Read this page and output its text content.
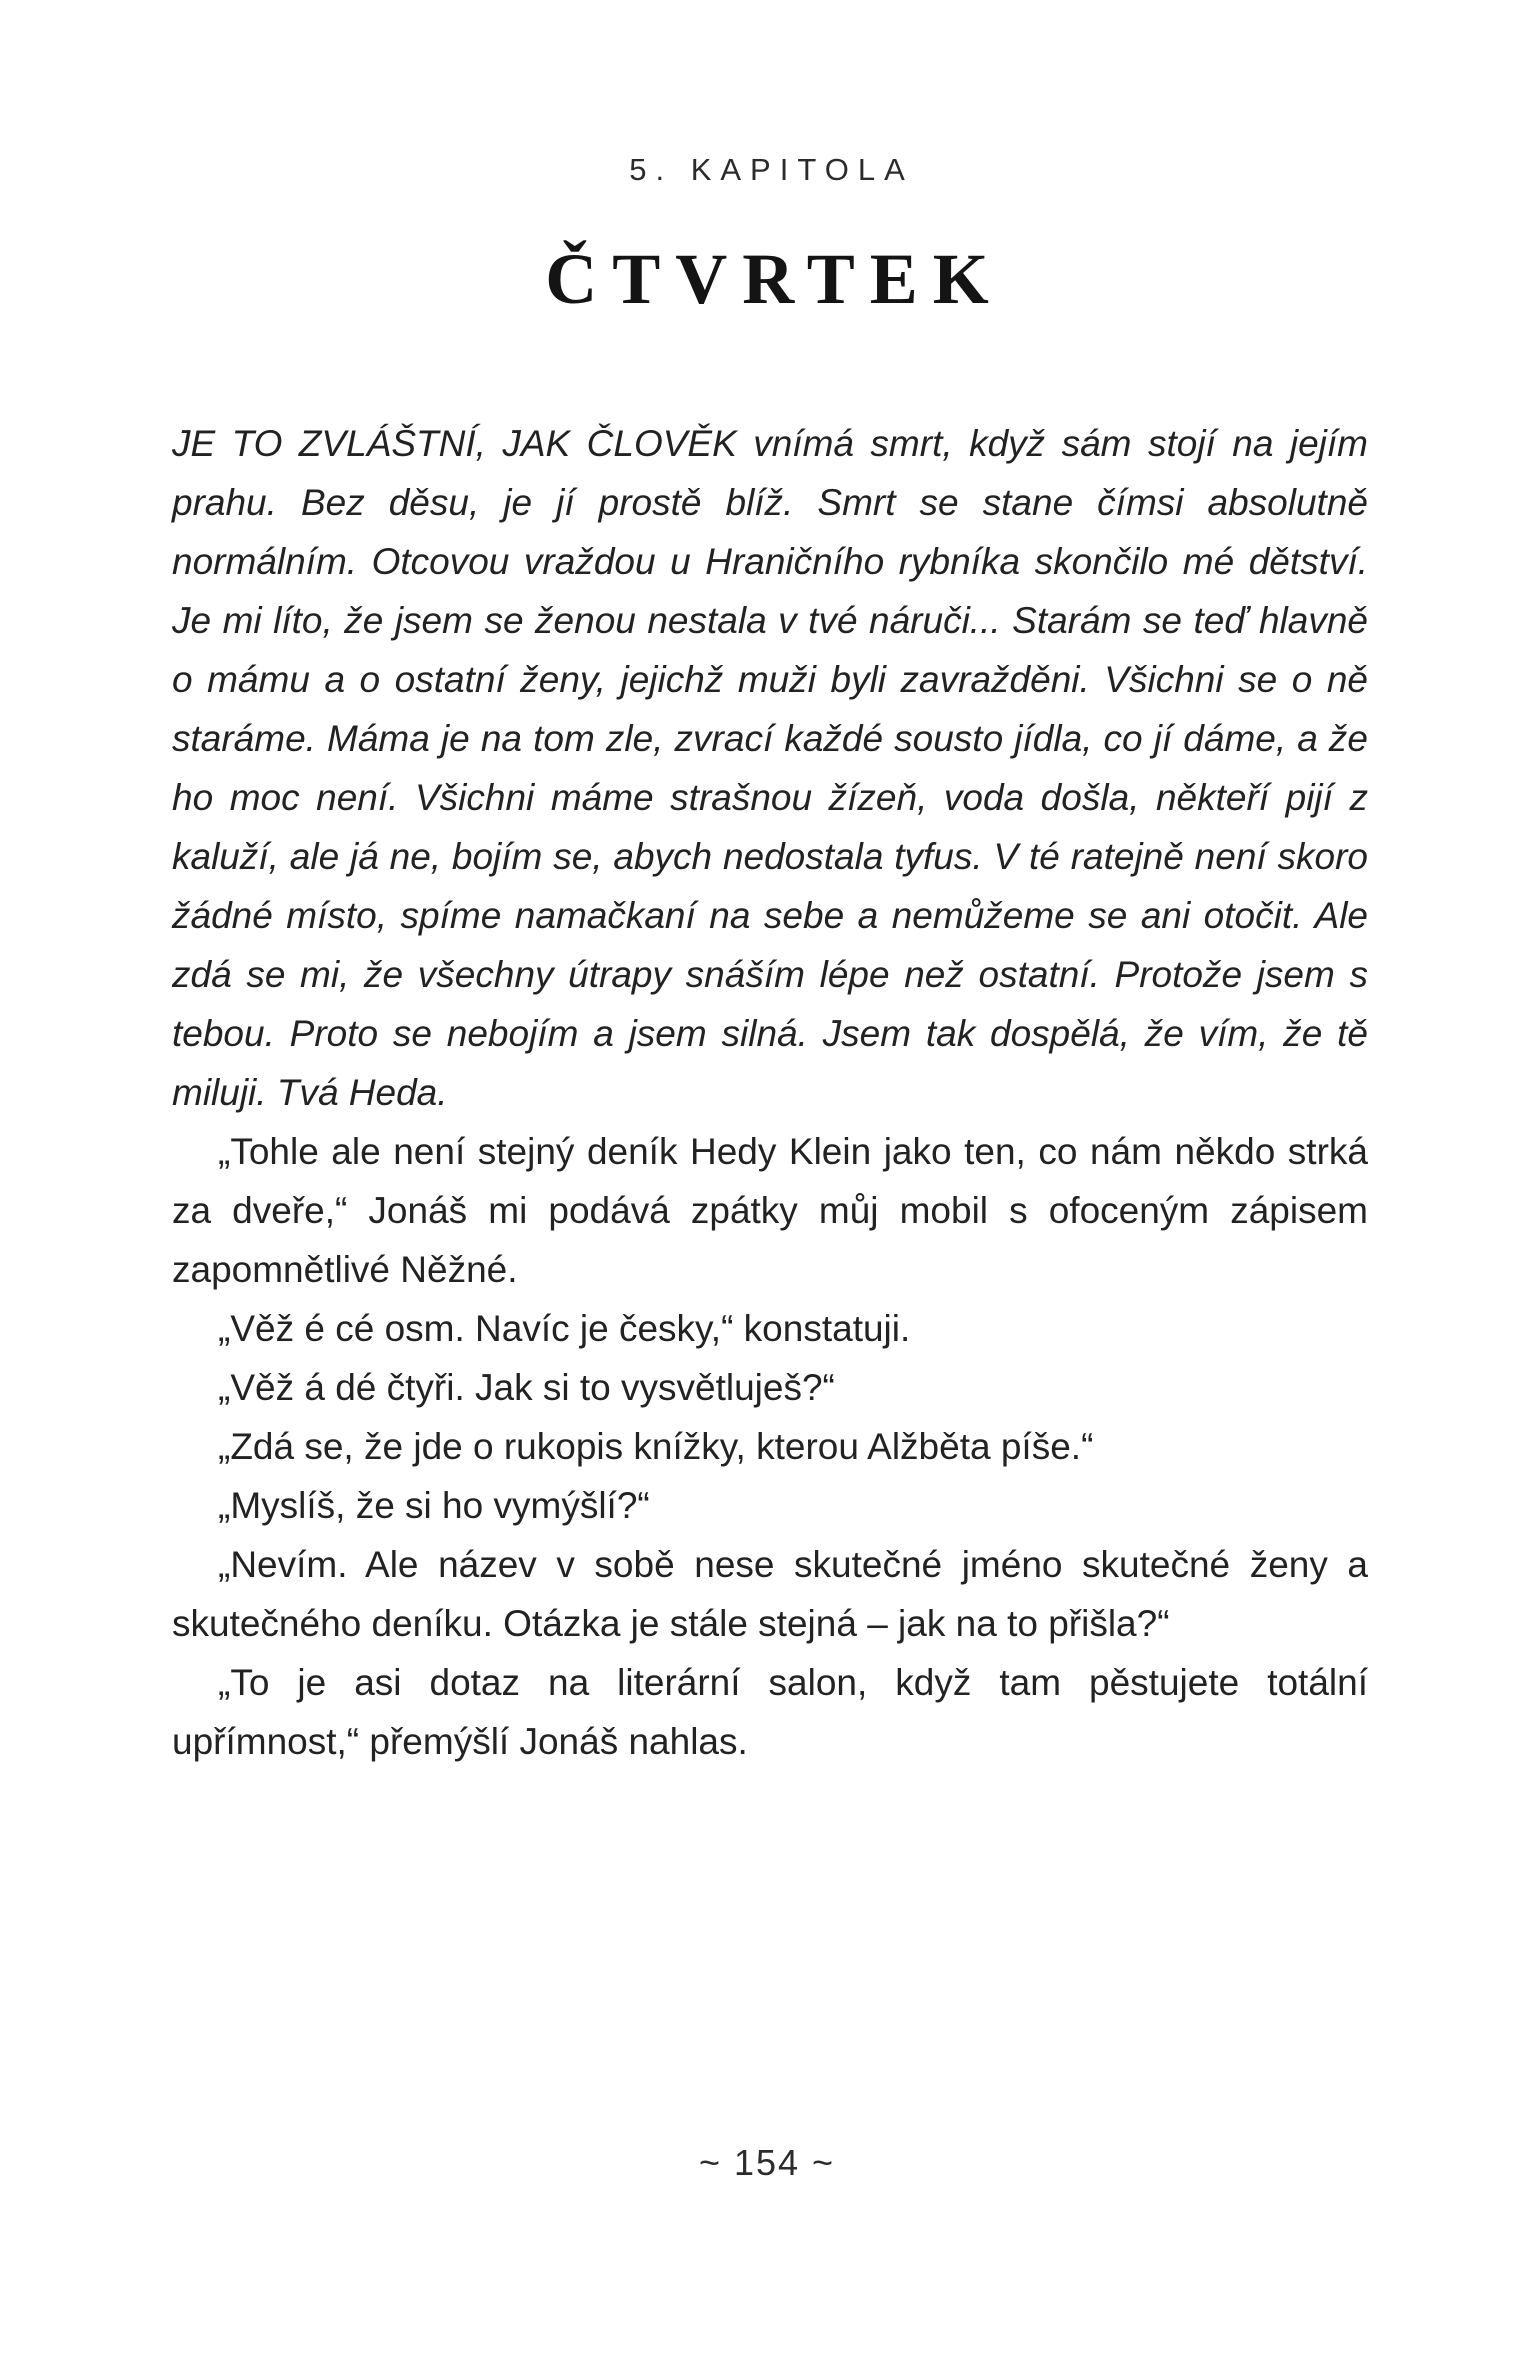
5. KAPITOLA
ČTVRTEK

JE TO ZVLÁŠTNÍ, JAK ČLOVĚK vnímá smrt, když sám stojí na jejím prahu. Bez děsu, je jí prostě blíž. Smrt se stane čímsi absolutně normálním. Otcovou vraždou u Hraničního rybníka skončilo mé dětství. Je mi líto, že jsem se ženou nestala v tvé náruči... Starám se teď hlavně o mámu a o ostatní ženy, jejichž muži byli zavražděni. Všichni se o ně staráme. Máma je na tom zle, zvrací každé sousto jídla, co jí dáme, a že ho moc není. Všichni máme strašnou žízeň, voda došla, někteří pijí z kaluží, ale já ne, bojím se, abych nedostala tyfus. V té ratejně není skoro žádné místo, spíme namačkaní na sebe a nemůžeme se ani otočit. Ale zdá se mi, že všechny útrapy snáším lépe než ostatní. Protože jsem s tebou. Proto se nebojím a jsem silná. Jsem tak dospělá, že vím, že tě miluji. Tvá Heda.

„Tohle ale není stejný deník Hedy Klein jako ten, co nám někdo strká za dveře,“ Jonáš mi podává zpátky můj mobil s ofoceným zápisem zapomnětlivé Něžné.

„Věž é cé osm. Navíc je česky,“ konstatuji.

„Věž á dé čtyři. Jak si to vysvětluješ?“

„Zdá se, že jde o rukopis knížky, kterou Alžběta píše.“

„Myslíš, že si ho vymýšlí?“

„Nevím. Ale název v sobě nese skutečné jméno skutečné ženy a skutečného deníku. Otázka je stále stejná – jak na to přišla?“

„To je asi dotaz na literární salon, když tam pěstujete totální upřímnost,“ přemýšlí Jonáš nahlas.

~ 154 ~
